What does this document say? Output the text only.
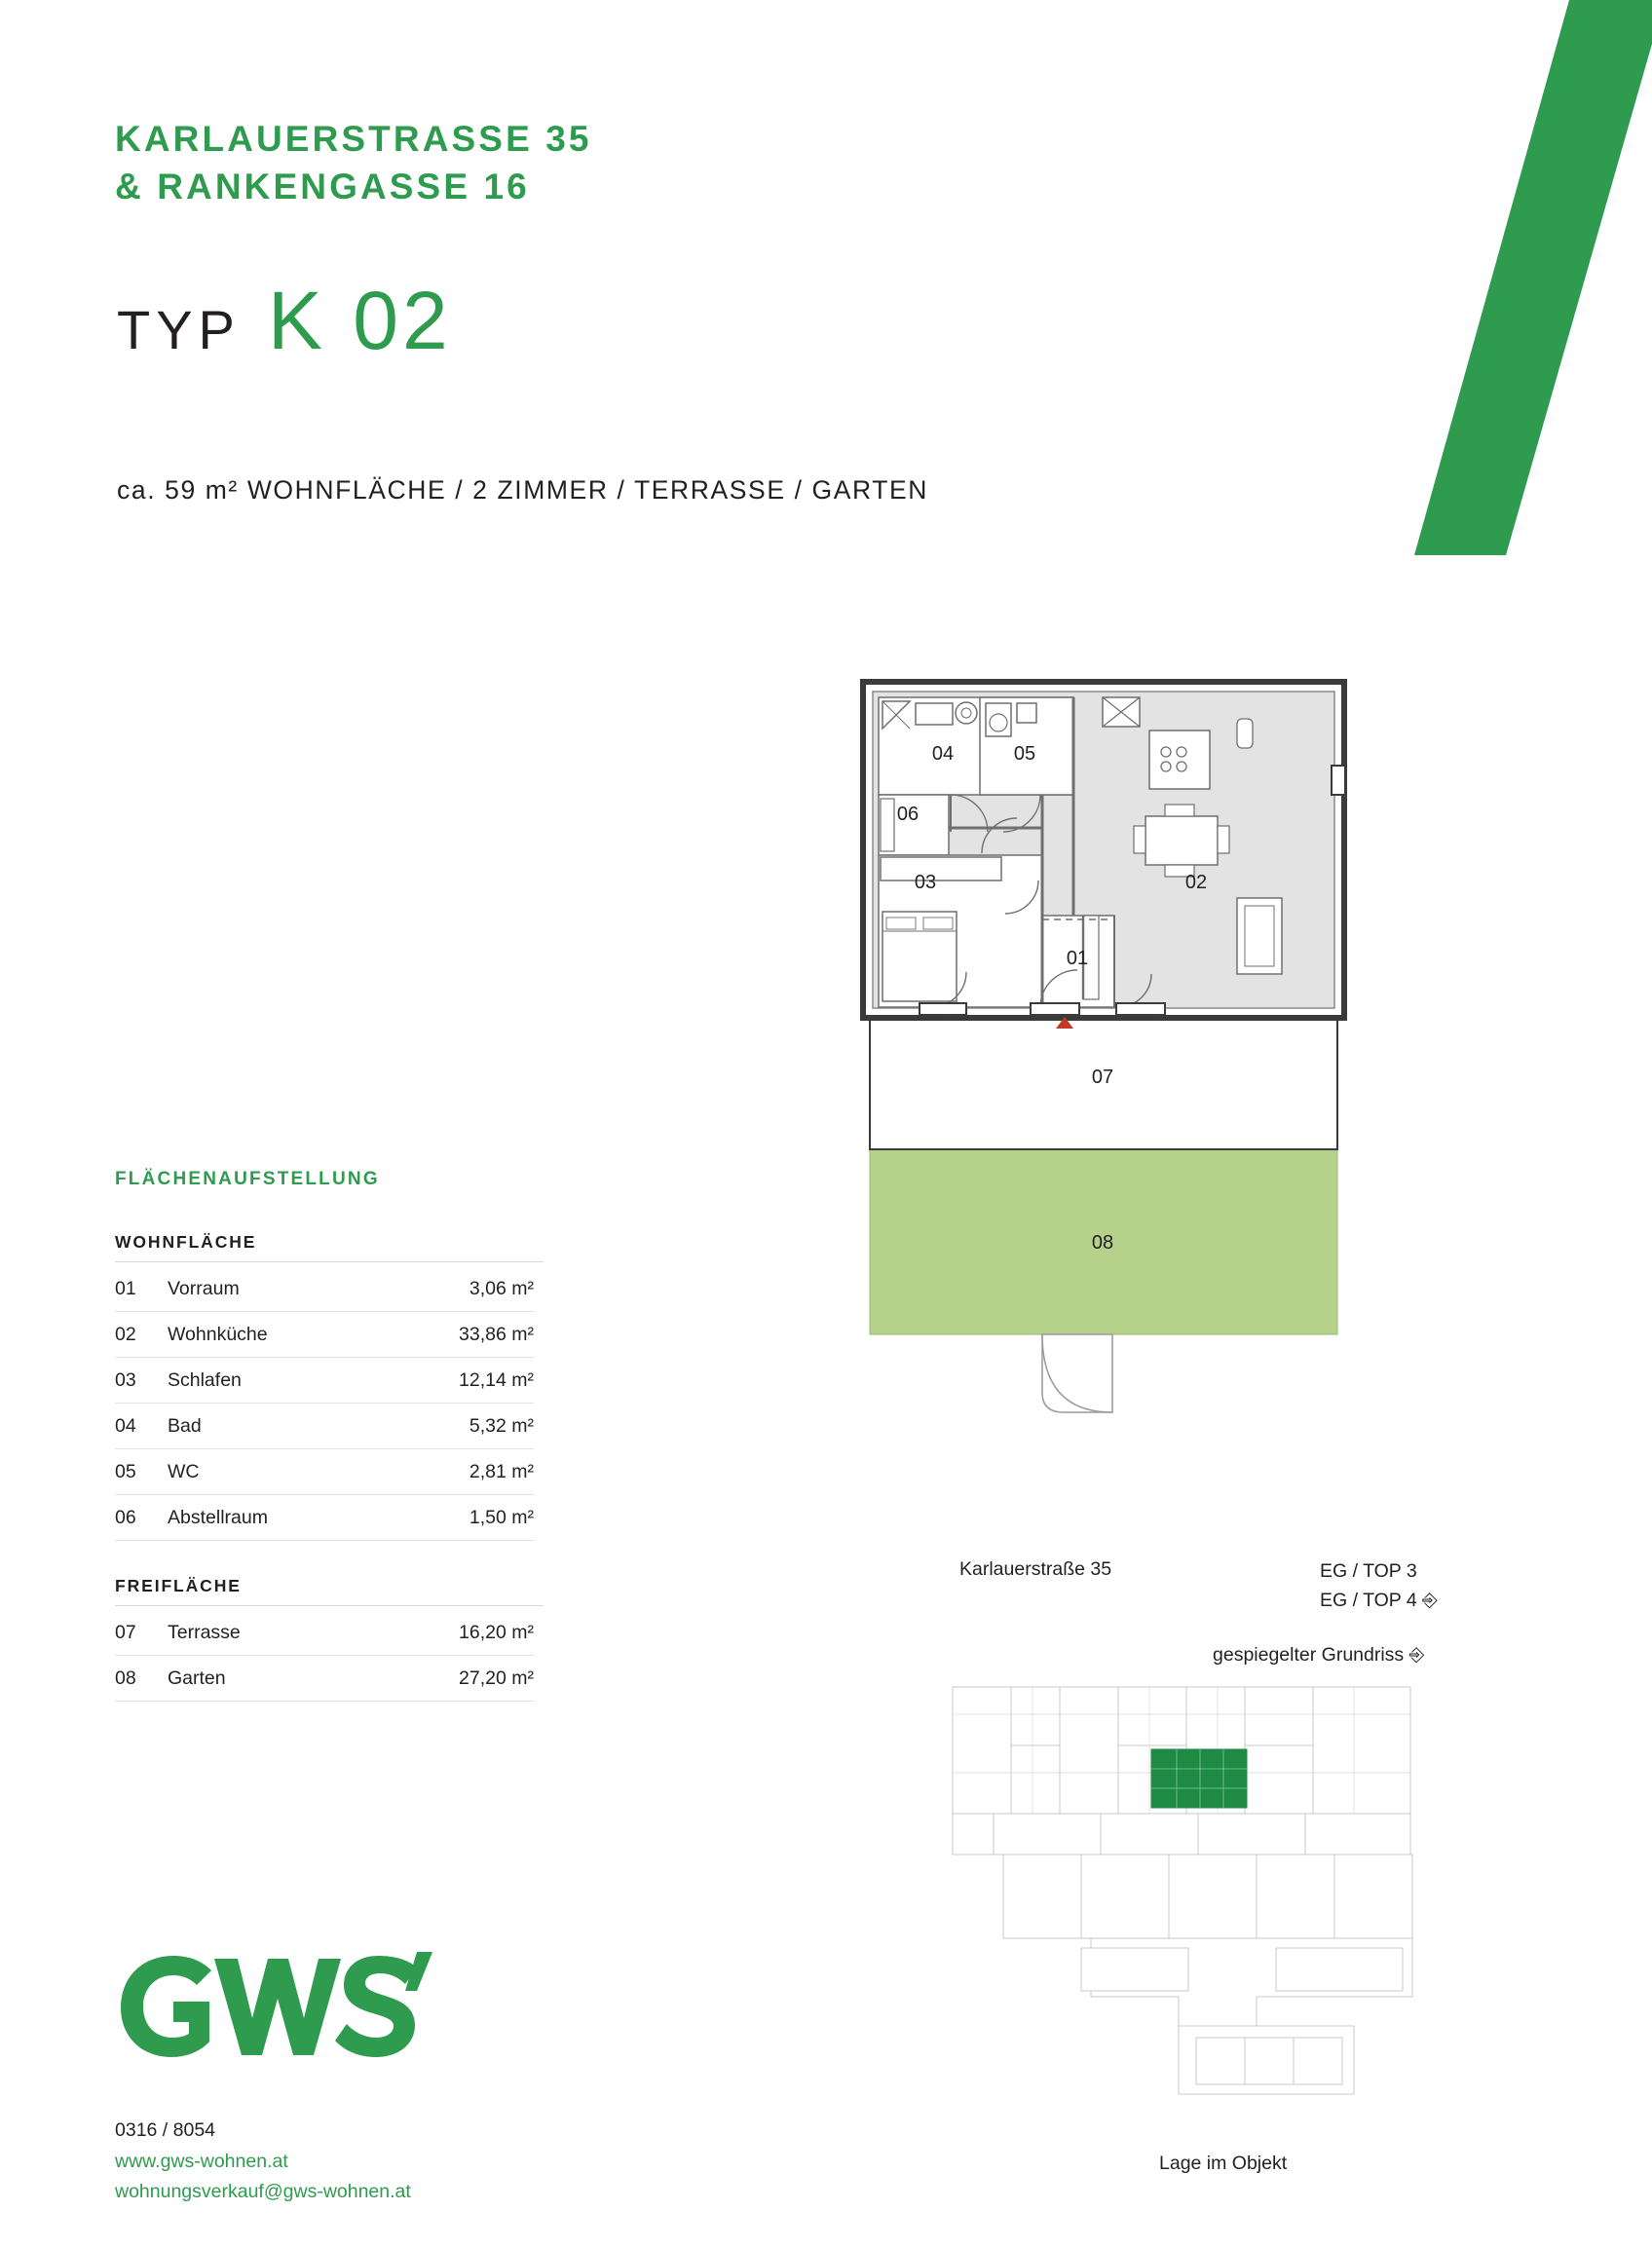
KARLAUERSTRASSE 35
& RANKENGASSE 16
TYP K 02
ca. 59 m² WOHNFLÄCHE / 2 ZIMMER / TERRASSE / GARTEN
FLÄCHENAUFSTELLUNG
WOHNFLÄCHE
01	Vorraum	3,06 m²
02	Wohnküche	33,86 m²
03	Schlafen	12,14 m²
04	Bad	5,32 m²
05	WC	2,81 m²
06	Abstellraum	1,50 m²
FREIFLÄCHE
07	Terrasse	16,20 m²
08	Garten	27,20 m²
0316 / 8054
www.gws-wohnen.at
wohnungsverkauf@gws-wohnen.at
04	05
06
03
01
02
07
08
Karlauerstraße 35	EG / TOP 3
EG / TOP 4 ⎆
gespiegelter Grundriss ⎆
Lage im Objekt
